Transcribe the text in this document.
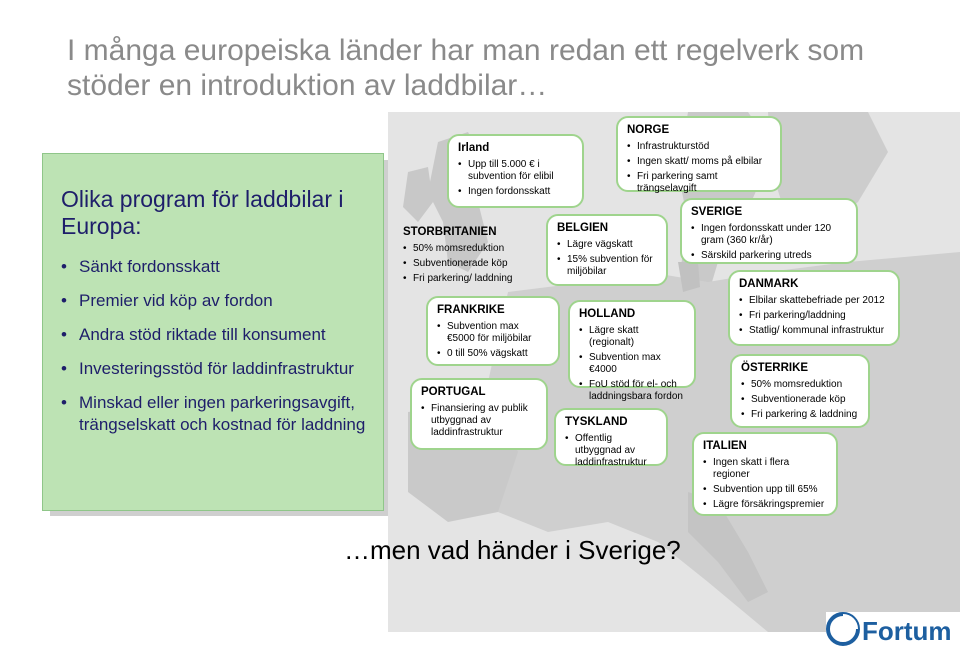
I många europeiska länder har man redan ett regelverk som stöder en introduktion av laddbilar…
Olika program för laddbilar i Europa:
• Sänkt fordonsskatt
• Premier vid köp av fordon
• Andra stöd riktade till konsument
• Investeringsstöd för laddinfrastruktur
• Minskad eller ingen parkeringsavgift, trängselskatt och kostnad för laddning
Irland
• Upp till 5.000 € i subvention för elibil
• Ingen fordonsskatt
STORBRITANIEN
• 50% momsreduktion
• Subventionerade köp
• Fri parkering/ laddning
FRANKRIKE
• Subvention max €5000 för miljöbilar
• 0 till 50% vägskatt
PORTUGAL
• Finansiering av publik utbyggnad av laddinfrastruktur
BELGIEN
• Lägre vägskatt
• 15% subvention för miljöbilar
HOLLAND
• Lägre skatt (regionalt)
• Subvention max €4000
• FoU stöd för el- och laddningsbara fordon
TYSKLAND
• Offentlig utbyggnad av laddinfrastruktur
NORGE
• Infrastrukturstöd
• Ingen skatt/ moms på elbilar
• Fri parkering samt trängselavgift
SVERIGE
• Ingen fordonsskatt under 120 gram (360 kr/år)
• Särskild parkering utreds
DANMARK
• Elbilar skattebefriade per 2012
• Fri parkering/laddning
• Statlig/ kommunal infrastruktur
ÖSTERRIKE
• 50% momsreduktion
• Subventionerade köp
• Fri parkering & laddning
ITALIEN
• Ingen skatt i flera regioner
• Subvention upp till 65%
• Lägre försäkringspremier
…men vad händer i Sverige?
Fortum
